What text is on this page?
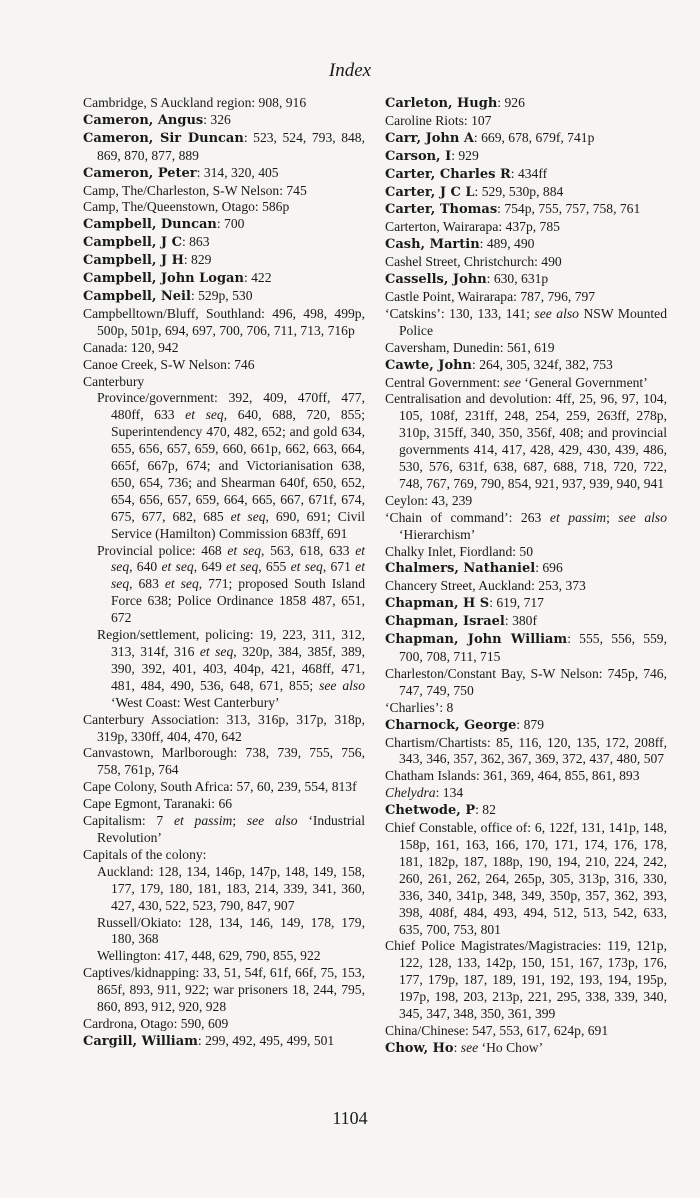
Index
Cambridge, S Auckland region: 908, 916
Cameron, Angus: 326
Cameron, Sir Duncan: 523, 524, 793, 848, 869, 870, 877, 889
Cameron, Peter: 314, 320, 405
Camp, The/Charleston, S-W Nelson: 745
Camp, The/Queenstown, Otago: 586p
Campbell, Duncan: 700
Campbell, J C: 863
Campbell, J H: 829
Campbell, John Logan: 422
Campbell, Neil: 529p, 530
Campbelltown/Bluff, Southland: 496, 498, 499p, 500p, 501p, 694, 697, 700, 706, 711, 713, 716p
Canada: 120, 942
Canoe Creek, S-W Nelson: 746
Canterbury
Province/government: 392, 409, 470ff, 477, 480ff, 633 et seq, 640, 688, 720, 855; Superintendency 470, 482, 652; and gold 634, 655, 656, 657, 659, 660, 661p, 662, 663, 664, 665f, 667p, 674; and Victorianisation 638, 650, 654, 736; and Shearman 640f, 650, 652, 654, 656, 657, 659, 664, 665, 667, 671f, 674, 675, 677, 682, 685 et seq, 690, 691; Civil Service (Hamilton) Commission 683ff, 691
Provincial police: 468 et seq, 563, 618, 633 et seq, 640 et seq, 649 et seq, 655 et seq, 671 et seq, 683 et seq, 771; proposed South Island Force 638; Police Ordinance 1858 487, 651, 672
Region/settlement, policing: 19, 223, 311, 312, 313, 314f, 316 et seq, 320p, 384, 385f, 389, 390, 392, 401, 403, 404p, 421, 468ff, 471, 481, 484, 490, 536, 648, 671, 855; see also ‘West Coast: West Canterbury’
Canterbury Association: 313, 316p, 317p, 318p, 319p, 330ff, 404, 470, 642
Canvastown, Marlborough: 738, 739, 755, 756, 758, 761p, 764
Cape Colony, South Africa: 57, 60, 239, 554, 813f
Cape Egmont, Taranaki: 66
Capitalism: 7 et passim; see also ‘Industrial Revolution’
Capitals of the colony:
Auckland: 128, 134, 146p, 147p, 148, 149, 158, 177, 179, 180, 181, 183, 214, 339, 341, 360, 427, 430, 522, 523, 790, 847, 907
Russell/Okiato: 128, 134, 146, 149, 178, 179, 180, 368
Wellington: 417, 448, 629, 790, 855, 922
Captives/kidnapping: 33, 51, 54f, 61f, 66f, 75, 153, 865f, 893, 911, 922; war prisoners 18, 244, 795, 860, 893, 912, 920, 928
Cardrona, Otago: 590, 609
Cargill, William: 299, 492, 495, 499, 501
Carleton, Hugh: 926
Caroline Riots: 107
Carr, John A: 669, 678, 679f, 741p
Carson, I: 929
Carter, Charles R: 434ff
Carter, J C L: 529, 530p, 884
Carter, Thomas: 754p, 755, 757, 758, 761
Carterton, Wairarapa: 437p, 785
Cash, Martin: 489, 490
Cashel Street, Christchurch: 490
Cassells, John: 630, 631p
Castle Point, Wairarapa: 787, 796, 797
‘Catskins’: 130, 133, 141; see also NSW Mounted Police
Caversham, Dunedin: 561, 619
Cawte, John: 264, 305, 324f, 382, 753
Central Government: see ‘General Government’
Centralisation and devolution: 4ff, 25, 96, 97, 104, 105, 108f, 231ff, 248, 254, 259, 263ff, 278p, 310p, 315ff, 340, 350, 356f, 408; and provincial governments 414, 417, 428, 429, 430, 439, 486, 530, 576, 631f, 638, 687, 688, 718, 720, 722, 748, 767, 769, 790, 854, 921, 937, 939, 940, 941
Ceylon: 43, 239
‘Chain of command’: 263 et passim; see also ‘Hierarchism’
Chalky Inlet, Fiordland: 50
Chalmers, Nathaniel: 696
Chancery Street, Auckland: 253, 373
Chapman, H S: 619, 717
Chapman, Israel: 380f
Chapman, John William: 555, 556, 559, 700, 708, 711, 715
Charleston/Constant Bay, S-W Nelson: 745p, 746, 747, 749, 750
‘Charlies’: 8
Charnock, George: 879
Chartism/Chartists: 85, 116, 120, 135, 172, 208ff, 343, 346, 357, 362, 367, 369, 372, 437, 480, 507
Chatham Islands: 361, 369, 464, 855, 861, 893
Chelydra: 134
Chetwode, P: 82
Chief Constable, office of: 6, 122f, 131, 141p, 148, 158p, 161, 163, 166, 170, 171, 174, 176, 178, 181, 182p, 187, 188p, 190, 194, 210, 224, 242, 260, 261, 262, 264, 265p, 305, 313p, 316, 330, 336, 340, 341p, 348, 349, 350p, 357, 362, 393, 398, 408f, 484, 493, 494, 512, 513, 542, 633, 635, 700, 753, 801
Chief Police Magistrates/Magistracies: 119, 121p, 122, 128, 133, 142p, 150, 151, 167, 173p, 176, 177, 179p, 187, 189, 191, 192, 193, 194, 195p, 197p, 198, 203, 213p, 221, 295, 338, 339, 340, 345, 347, 348, 350, 361, 399
China/Chinese: 547, 553, 617, 624p, 691
Chow, Ho: see ‘Ho Chow’
1104
